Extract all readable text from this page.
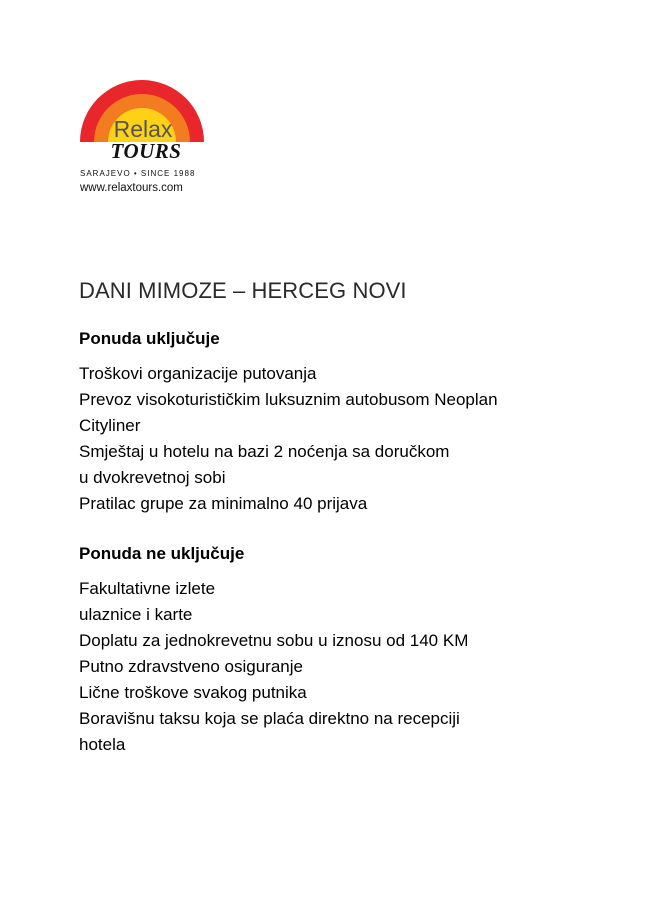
Relax
TOURS
SARAJEVO • SINCE 1988
www.relaxtours.com
DANI MIMOZE – HERCEG NOVI
Ponuda uključuje
Troškovi organizacije putovanja
Prevoz visokoturističkim luksuznim autobusom Neoplan
Cityliner
Smještaj u hotelu na bazi 2 noćenja sa doručkom
u dvokrevetnoj sobi
Pratilac grupe za minimalno 40 prijava
Ponuda ne uključuje
Fakultativne izlete
ulaznice i karte
Doplatu za jednokrevetnu sobu u iznosu od 140 KM
Putno zdravstveno osiguranje
Lične troškove svakog putnika
Boravišnu taksu koja se plaća direktno na recepciji
hotela
